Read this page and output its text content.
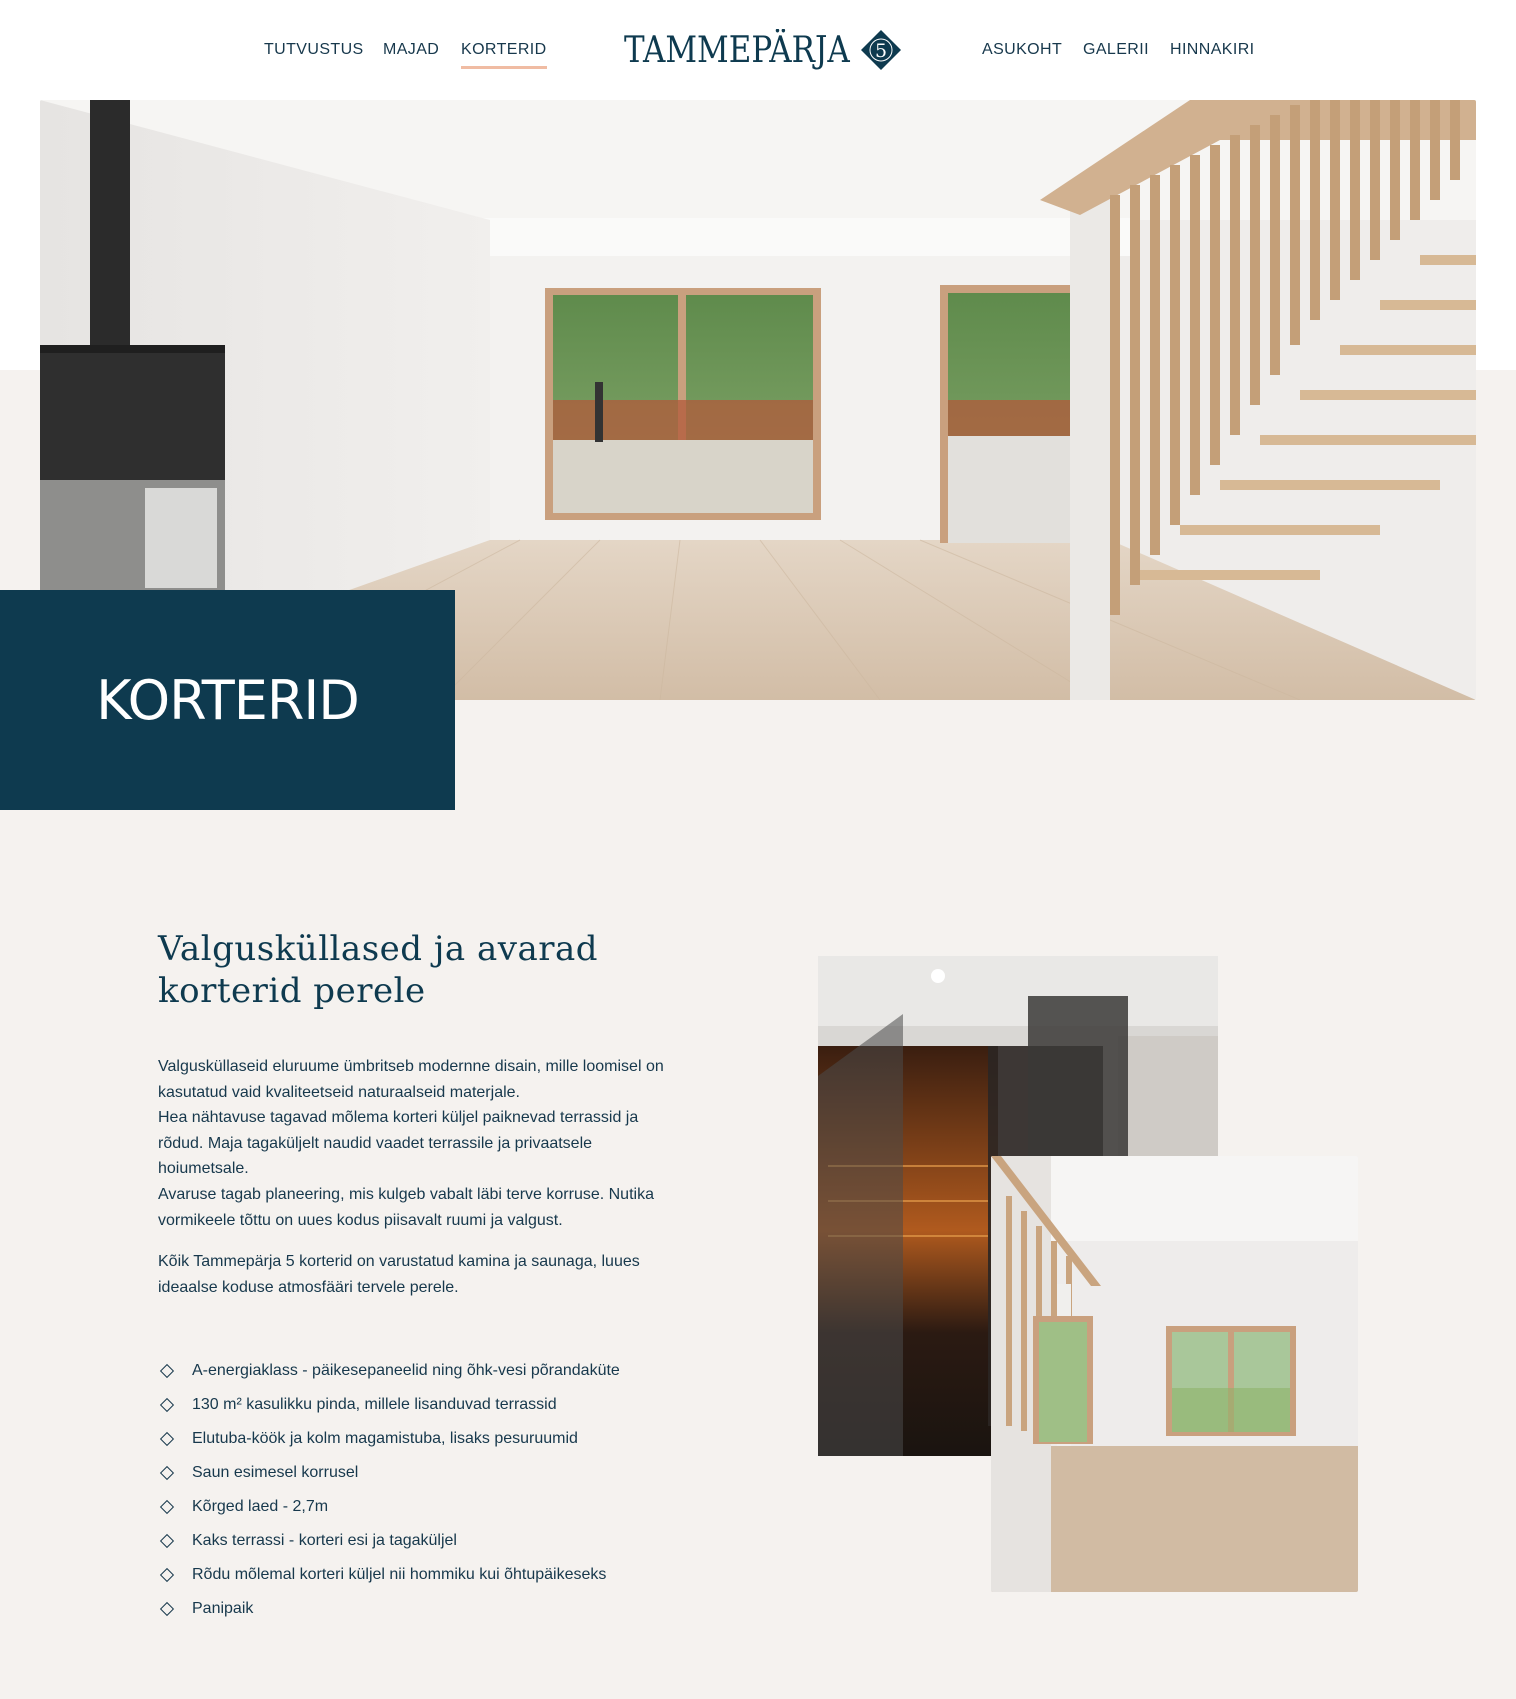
TUTVUSTUS MAJAD KORTERID TAMMEPÄRJA 5	ASUKOHT GALERII HINNAKIRI
KORTERID
Valgusküllased ja avarad
korterid perele
Valgusküllaseid eluruume ümbritseb modernne disain, mille loomisel on
kasutatud vaid kvaliteetseid naturaalseid materjale.
Hea nähtavuse tagavad mõlema korteri küljel paiknevad terrassid ja
rõdud. Maja tagaküljelt naudid vaadet terrassile ja privaatsele
hoiumetsale.
Avaruse tagab planeering, mis kulgeb vabalt läbi terve korruse. Nutika
vormikeele tõttu on uues kodus piisavalt ruumi ja valgust.
Kõik Tammepärja 5 korterid on varustatud kamina ja saunaga, luues
ideaalse koduse atmosfääri tervele perele.
A-energiaklass - päikesepaneelid ning õhk-vesi põrandaküte
130 m² kasulikku pinda, millele lisanduvad terrassid
Elutuba-köök ja kolm magamistuba, lisaks pesuruumid
Saun esimesel korrusel
Kõrged laed - 2,7m
Kaks terrassi - korteri esi ja tagaküljel
Rõdu mõlemal korteri küljel nii hommiku kui õhtupäikeseks
Panipaik
